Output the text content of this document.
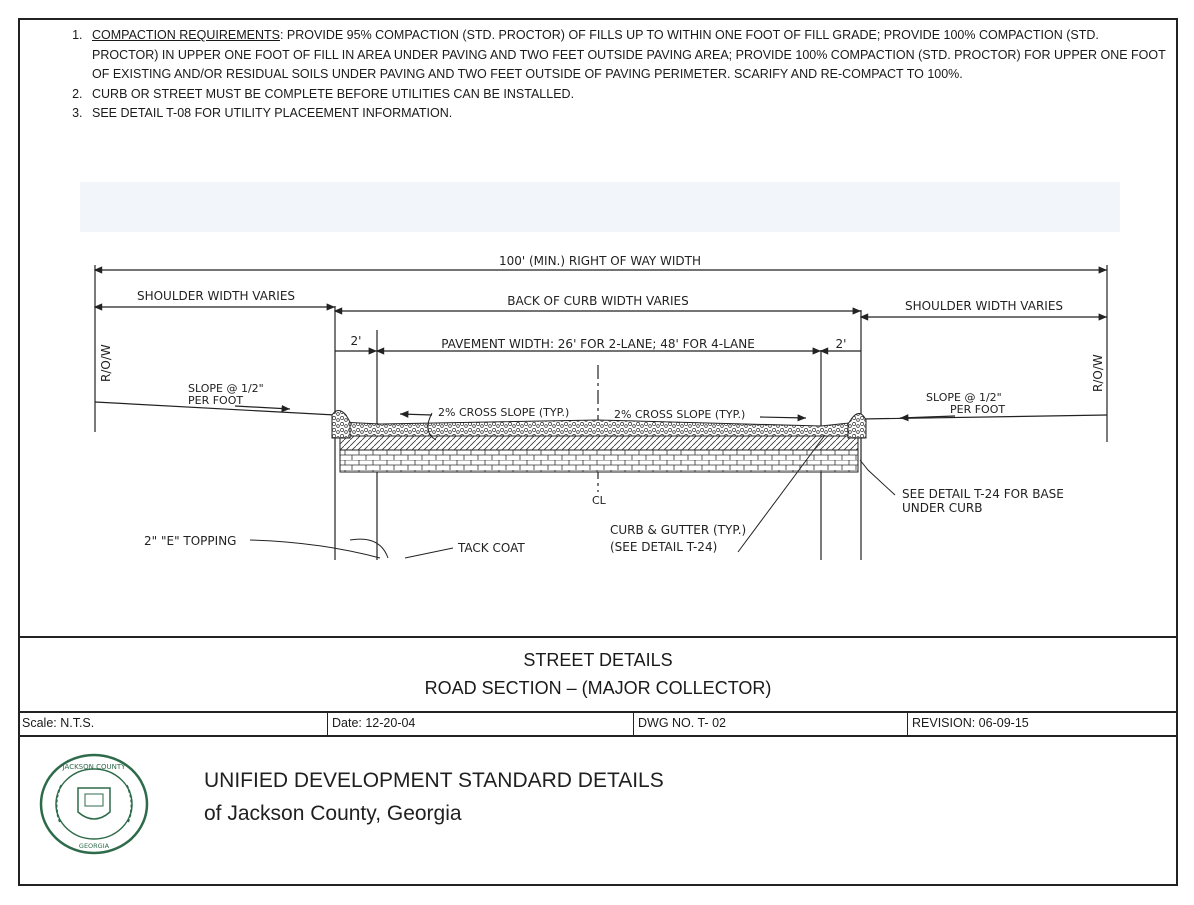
1. COMPACTION REQUIREMENTS: PROVIDE 95% COMPACTION (STD. PROCTOR) OF FILLS UP TO WITHIN ONE FOOT OF FILL GRADE; PROVIDE 100% COMPACTION (STD. PROCTOR) IN UPPER ONE FOOT OF FILL IN AREA UNDER PAVING AND TWO FEET OUTSIDE PAVING AREA; PROVIDE 100% COMPACTION (STD. PROCTOR) FOR UPPER ONE FOOT OF EXISTING AND/OR RESIDUAL SOILS UNDER PAVING AND TWO FEET OUTSIDE OF PAVING PERIMETER. SCARIFY AND RE-COMPACT TO 100%.
2. CURB OR STREET MUST BE COMPLETE BEFORE UTILITIES CAN BE INSTALLED.
3. SEE DETAIL T-08 FOR UTILITY PLACEEMENT INFORMATION.
100' (MIN.) RIGHT OF WAY WIDTH
SHOULDER WIDTH VARIES	BACK OF CURB WIDTH VARIES	SHOULDER WIDTH VARIES
2'	PAVEMENT WIDTH: 26' FOR 2-LANE; 48' FOR 4-LANE	2'
R/O/W	R/O/W
SLOPE @ 1/2"
PER FOOT	SLOPE @ 1/2"
PER FOOT
2% CROSS SLOPE (TYP.)	2% CROSS SLOPE (TYP.)
CL
2" "E" TOPPING	TACK COAT
CURB & GUTTER (TYP.)
(SEE DETAIL T-24)
SEE DETAIL T-24 FOR BASE
UNDER CURB
STREET DETAILS
ROAD SECTION – (MAJOR COLLECTOR)
Scale: N.T.S.	Date: 12-20-04	DWG NO. T- 02	REVISION: 06-09-15
JACKSON COUNTY
GEORGIA
UNIFIED DEVELOPMENT STANDARD DETAILS
of Jackson County, Georgia
